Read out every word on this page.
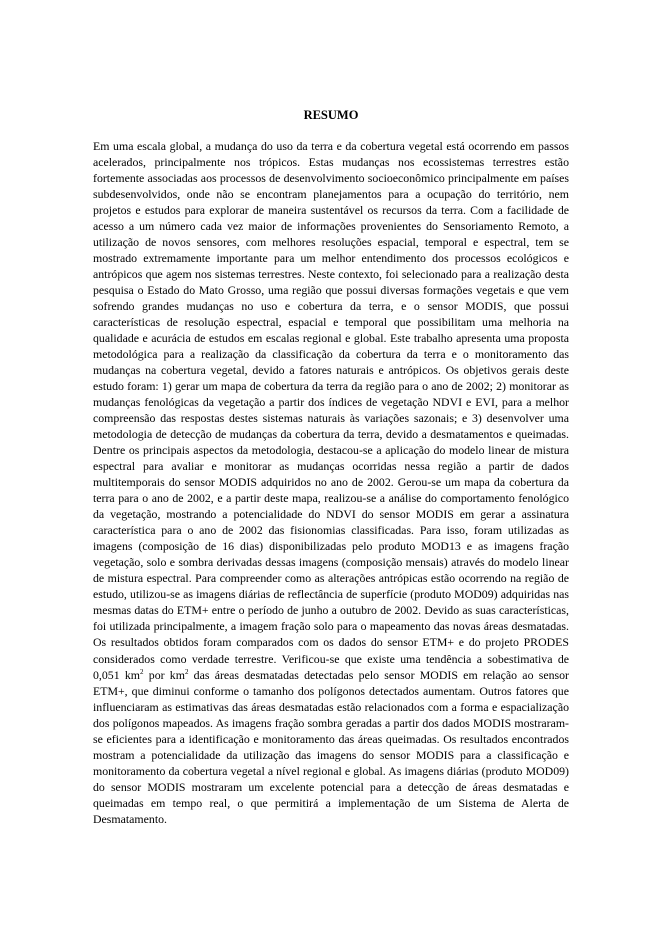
RESUMO

Em uma escala global, a mudança do uso da terra e da cobertura vegetal está ocorrendo em passos acelerados, principalmente nos trópicos. Estas mudanças nos ecossistemas terrestres estão fortemente associadas aos processos de desenvolvimento socioeconômico principalmente em países subdesenvolvidos, onde não se encontram planejamentos para a ocupação do território, nem projetos e estudos para explorar de maneira sustentável os recursos da terra. Com a facilidade de acesso a um número cada vez maior de informações provenientes do Sensoriamento Remoto, a utilização de novos sensores, com melhores resoluções espacial, temporal e espectral, tem se mostrado extremamente importante para um melhor entendimento dos processos ecológicos e antrópicos que agem nos sistemas terrestres. Neste contexto, foi selecionado para a realização desta pesquisa o Estado do Mato Grosso, uma região que possui diversas formações vegetais e que vem sofrendo grandes mudanças no uso e cobertura da terra, e o sensor MODIS, que possui características de resolução espectral, espacial e temporal que possibilitam uma melhoria na qualidade e acurácia de estudos em escalas regional e global. Este trabalho apresenta uma proposta metodológica para a realização da classificação da cobertura da terra e o monitoramento das mudanças na cobertura vegetal, devido a fatores naturais e antrópicos. Os objetivos gerais deste estudo foram: 1) gerar um mapa de cobertura da terra da região para o ano de 2002; 2) monitorar as mudanças fenológicas da vegetação a partir dos índices de vegetação NDVI e EVI, para a melhor compreensão das respostas destes sistemas naturais às variações sazonais; e 3) desenvolver uma metodologia de detecção de mudanças da cobertura da terra, devido a desmatamentos e queimadas. Dentre os principais aspectos da metodologia, destacou-se a aplicação do modelo linear de mistura espectral para avaliar e monitorar as mudanças ocorridas nessa região a partir de dados multitemporais do sensor MODIS adquiridos no ano de 2002. Gerou-se um mapa da cobertura da terra para o ano de 2002, e a partir deste mapa, realizou-se a análise do comportamento fenológico da vegetação, mostrando a potencialidade do NDVI do sensor MODIS em gerar a assinatura característica para o ano de 2002 das fisionomias classificadas. Para isso, foram utilizadas as imagens (composição de 16 dias) disponibilizadas pelo produto MOD13 e as imagens fração vegetação, solo e sombra derivadas dessas imagens (composição mensais) através do modelo linear de mistura espectral. Para compreender como as alterações antrópicas estão ocorrendo na região de estudo, utilizou-se as imagens diárias de reflectância de superfície (produto MOD09) adquiridas nas mesmas datas do ETM+ entre o período de junho a outubro de 2002. Devido as suas características, foi utilizada principalmente, a imagem fração solo para o mapeamento das novas áreas desmatadas. Os resultados obtidos foram comparados com os dados do sensor ETM+ e do projeto PRODES considerados como verdade terrestre. Verificou-se que existe uma tendência a sobestimativa de 0,051 $km^2$ por $km^2$ das áreas desmatadas detectadas pelo sensor MODIS em relação ao sensor ETM+, que diminui conforme o tamanho dos polígonos detectados aumentam. Outros fatores que influenciaram as estimativas das áreas desmatadas estão relacionados com a forma e espacialização dos polígonos mapeados. As imagens fração sombra geradas a partir dos dados MODIS mostraram-se eficientes para a identificação e monitoramento das áreas queimadas. Os resultados encontrados mostram a potencialidade da utilização das imagens do sensor MODIS para a classificação e monitoramento da cobertura vegetal a nível regional e global. As imagens diárias (produto MOD09) do sensor MODIS mostraram um excelente potencial para a detecção de áreas desmatadas e queimadas em tempo real, o que permitirá a implementação de um Sistema de Alerta de Desmatamento.
